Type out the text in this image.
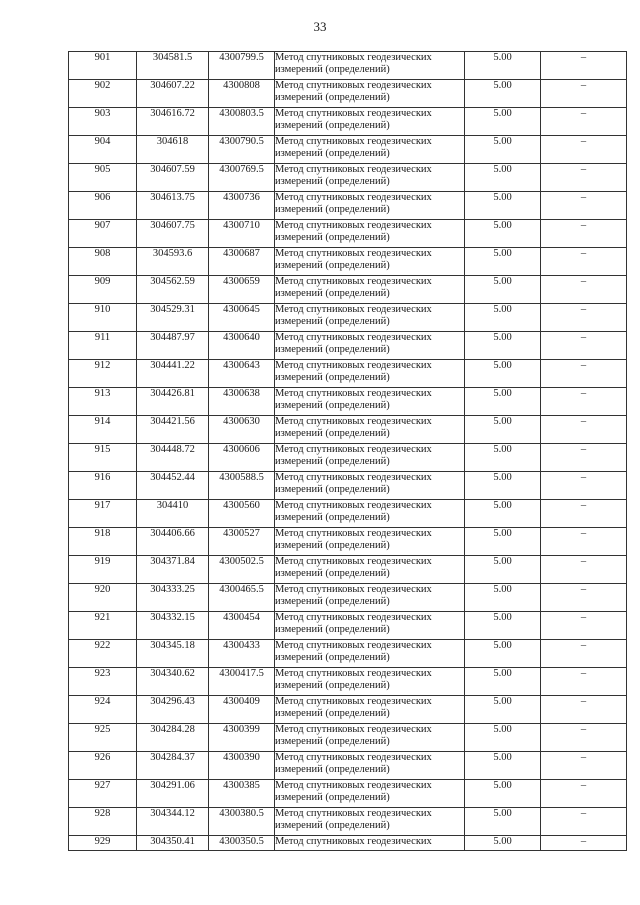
33
901	304581.5	4300799.5	Метод спутниковых геодезических
измерений (определений)	5.00	–
902	304607.22	4300808	Метод спутниковых геодезических
измерений (определений)	5.00	–
903	304616.72	4300803.5	Метод спутниковых геодезических
измерений (определений)	5.00	–
904	304618	4300790.5	Метод спутниковых геодезических
измерений (определений)	5.00	–
905	304607.59	4300769.5	Метод спутниковых геодезических
измерений (определений)	5.00	–
906	304613.75	4300736	Метод спутниковых геодезических
измерений (определений)	5.00	–
907	304607.75	4300710	Метод спутниковых геодезических
измерений (определений)	5.00	–
908	304593.6	4300687	Метод спутниковых геодезических
измерений (определений)	5.00	–
909	304562.59	4300659	Метод спутниковых геодезических
измерений (определений)	5.00	–
910	304529.31	4300645	Метод спутниковых геодезических
измерений (определений)	5.00	–
911	304487.97	4300640	Метод спутниковых геодезических
измерений (определений)	5.00	–
912	304441.22	4300643	Метод спутниковых геодезических
измерений (определений)	5.00	–
913	304426.81	4300638	Метод спутниковых геодезических
измерений (определений)	5.00	–
914	304421.56	4300630	Метод спутниковых геодезических
измерений (определений)	5.00	–
915	304448.72	4300606	Метод спутниковых геодезических
измерений (определений)	5.00	–
916	304452.44	4300588.5	Метод спутниковых геодезических
измерений (определений)	5.00	–
917	304410	4300560	Метод спутниковых геодезических
измерений (определений)	5.00	–
918	304406.66	4300527	Метод спутниковых геодезических
измерений (определений)	5.00	–
919	304371.84	4300502.5	Метод спутниковых геодезических
измерений (определений)	5.00	–
920	304333.25	4300465.5	Метод спутниковых геодезических
измерений (определений)	5.00	–
921	304332.15	4300454	Метод спутниковых геодезических
измерений (определений)	5.00	–
922	304345.18	4300433	Метод спутниковых геодезических
измерений (определений)	5.00	–
923	304340.62	4300417.5	Метод спутниковых геодезических
измерений (определений)	5.00	–
924	304296.43	4300409	Метод спутниковых геодезических
измерений (определений)	5.00	–
925	304284.28	4300399	Метод спутниковых геодезических
измерений (определений)	5.00	–
926	304284.37	4300390	Метод спутниковых геодезических
измерений (определений)	5.00	–
927	304291.06	4300385	Метод спутниковых геодезических
измерений (определений)	5.00	–
928	304344.12	4300380.5	Метод спутниковых геодезических
измерений (определений)	5.00	–
929	304350.41	4300350.5	Метод спутниковых геодезических	5.00	–
